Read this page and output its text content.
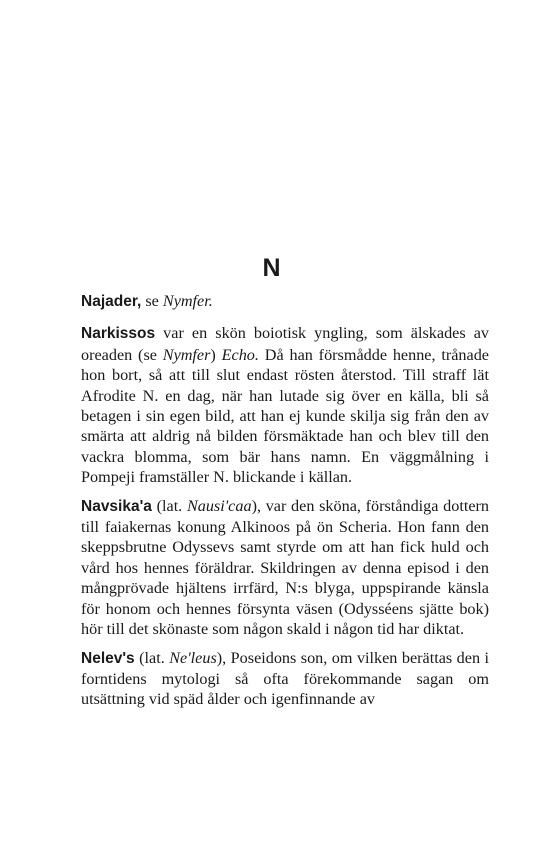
N

Najader, se Nymfer.

Narkissos var en skön boiotisk yngling, som älskades av oreaden (se Nymfer) Echo. Då han försmådde henne, trånade hon bort, så att till slut endast rösten återstod. Till straff lät Afrodite N. en dag, när han lutade sig över en källa, bli så betagen i sin egen bild, att han ej kunde skilja sig från den av smärta att aldrig nå bilden försmäktade han och blev till den vackra blomma, som bär hans namn. En väggmålning i Pompeji framställer N. blickande i källan.

Navsika'a (lat. Nausi'caa), var den sköna, förståndiga dottern till faiakernas konung Alkinoos på ön Scheria. Hon fann den skeppsbrutne Odyssevs samt styrde om att han fick huld och vård hos hennes föräldrar. Skildringen av denna episod i den mångprövade hjältens irrfärd, N:s blyga, uppspirande känsla för honom och hennes försynta väsen (Odysséens sjätte bok) hör till det skönaste som någon skald i någon tid har diktat.

Nelev's (lat. Ne'leus), Poseidons son, om vilken berättas den i forntidens mytologi så ofta förekommande sagan om utsättning vid späd ålder och igenfinnande av
